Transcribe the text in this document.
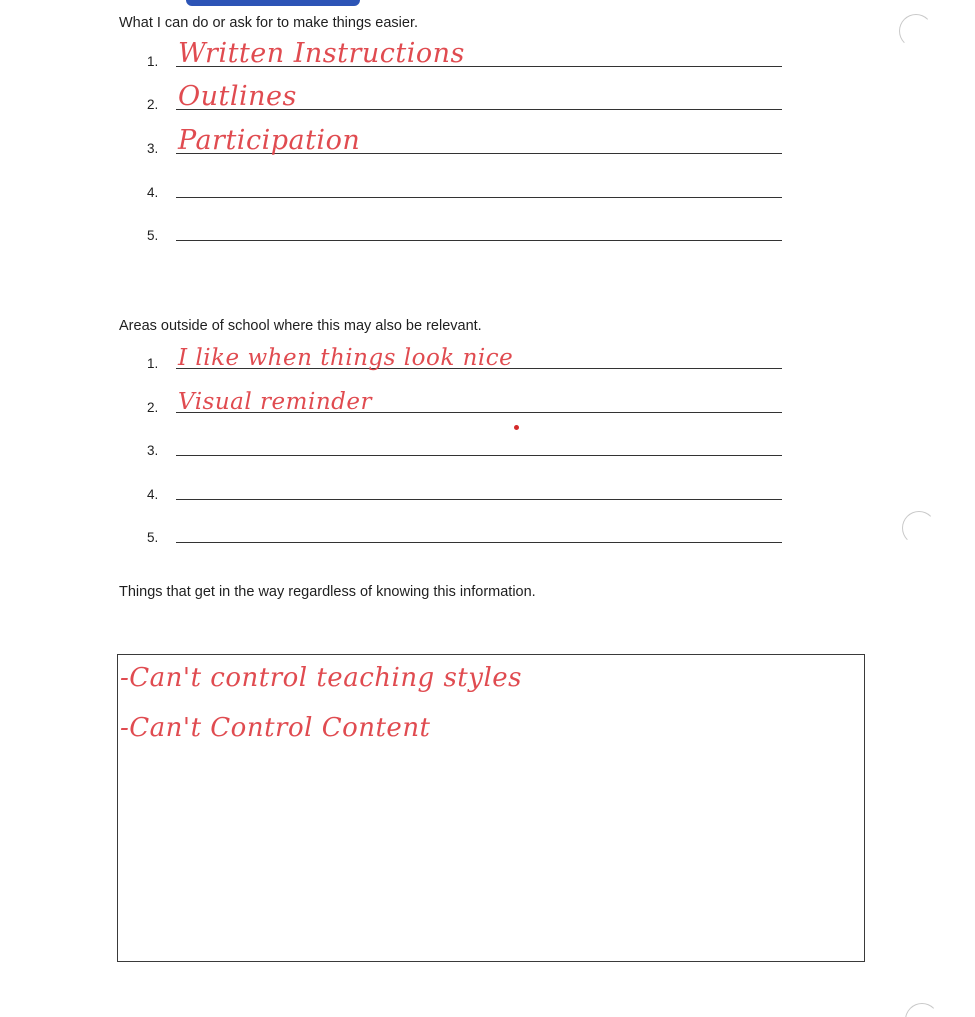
What I can do or ask for to make things easier.
1. Written Instructions
2. Outlines
3. Participation
4.
5.
Areas outside of school where this may also be relevant.
1. I like when things look nice
2. Visual reminder
3.
4.
5.
Things that get in the way regardless of knowing this information.
-Can't control teaching styles
-Can't Control Content
